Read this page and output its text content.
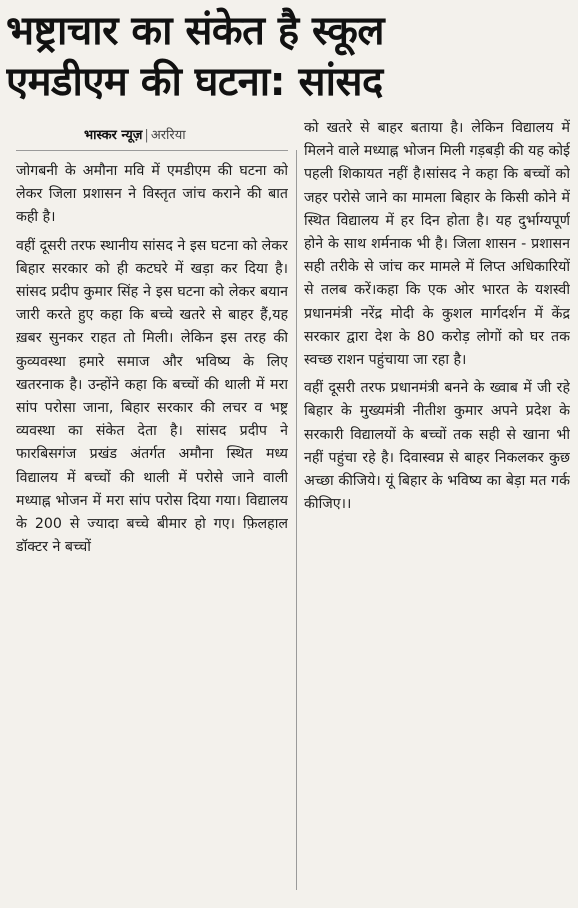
भष्ट्राचार का संकेत है स्कूल
एमडीएम की घटना: सांसद
भास्कर न्यूज़ | अररिया

जोगबनी के अमौना मवि में एमडीएम की घटना को लेकर जिला प्रशासन ने विस्तृत जांच कराने की बात कही है।

वहीं दूसरी तरफ स्थानीय सांसद ने इस घटना को लेकर बिहार सरकार को ही कटघरे में खड़ा कर दिया है।सांसद प्रदीप कुमार सिंह ने इस घटना को लेकर बयान जारी करते हुए कहा कि बच्चे खतरे से बाहर हैं,यह ख़बर सुनकर राहत तो मिली। लेकिन इस तरह की कुव्यवस्था हमारे समाज और भविष्य के लिए खतरनाक है। उन्होंने कहा कि बच्चों की थाली में मरा सांप परोसा जाना, बिहार सरकार की लचर व भष्ट्र व्यवस्था का संकेत देता है। सांसद प्रदीप ने फारबिसगंज प्रखंड अंतर्गत अमौना स्थित मध्य विद्यालय में बच्चों की थाली में परोसे जाने वाली मध्याह्न भोजन में मरा सांप परोस दिया गया। विद्यालय के 200 से ज्यादा बच्चे बीमार हो गए। फ़िलहाल डॉक्टर ने बच्चों

को खतरे से बाहर बताया है। लेकिन विद्यालय में मिलने वाले मध्याह्न भोजन मिली गड़बड़ी की यह कोई पहली शिकायत नहीं है।सांसद ने कहा कि बच्चों को जहर परोसे जाने का मामला बिहार के किसी कोने में स्थित विद्यालय में हर दिन होता है। यह दुर्भाग्यपूर्ण होने के साथ शर्मनाक भी है। जिला शासन - प्रशासन सही तरीके से जांच कर मामले में लिप्त अधिकारियों से तलब करें।कहा कि एक ओर भारत के यशस्वी प्रधानमंत्री नरेंद्र मोदी के कुशल मार्गदर्शन में केंद्र सरकार द्वारा देश के 80 करोड़ लोगों को घर तक स्वच्छ राशन पहुंचाया जा रहा है।

वहीं दूसरी तरफ प्रधानमंत्री बनने के ख्वाब में जी रहे बिहार के मुख्यमंत्री नीतीश कुमार अपने प्रदेश के सरकारी विद्यालयों के बच्चों तक सही से खाना भी नहीं पहुंचा रहे है। दिवास्वप्न से बाहर निकलकर कुछ अच्छा कीजिये। यूं बिहार के भविष्य का बेड़ा मत गर्क कीजिए।।
